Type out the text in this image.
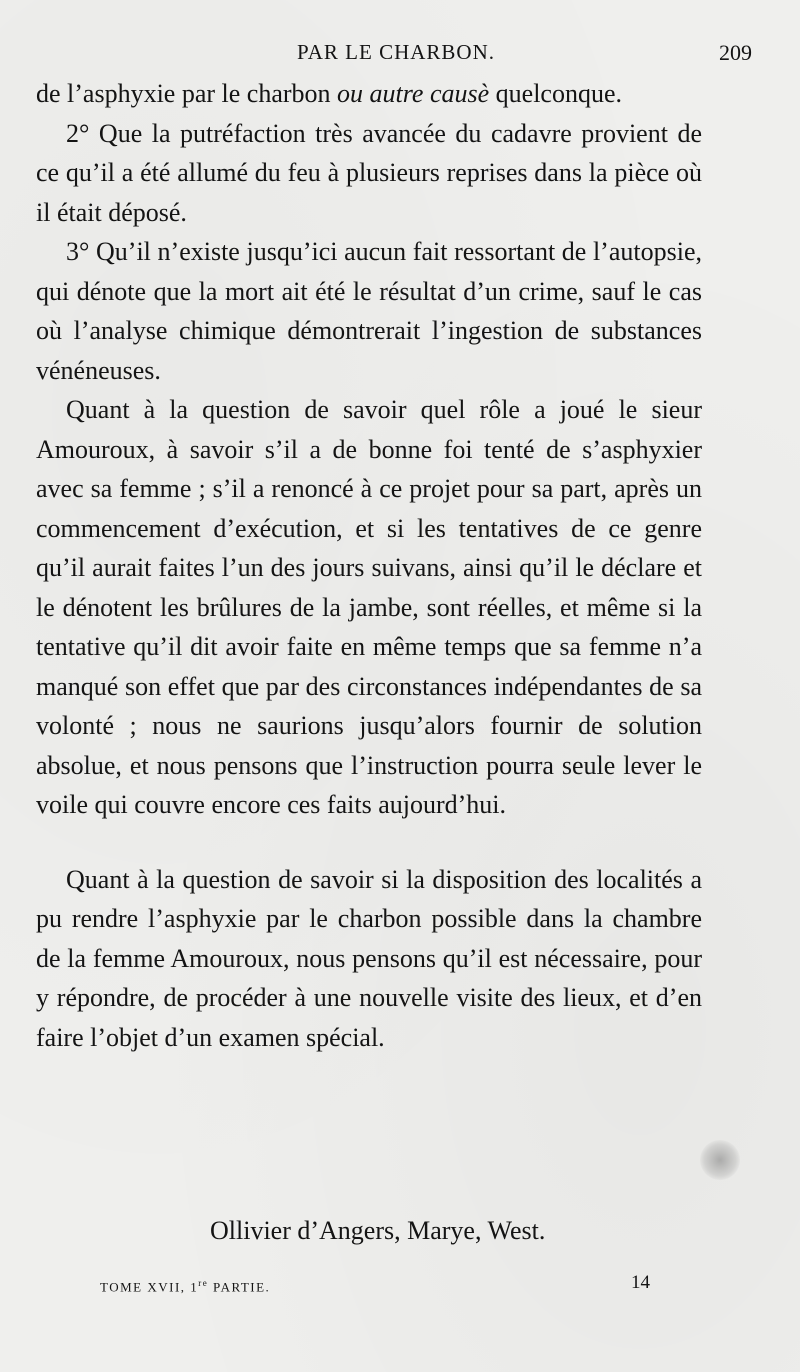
PAR LE CHARBON.	209

de l’asphyxie par le charbon ou autre causè quelconque.

2° Que la putréfaction très avancée du cadavre provient de ce qu’il a été allumé du feu à plusieurs reprises dans la pièce où il était déposé.

3° Qu’il n’existe jusqu’ici aucun fait ressortant de l’autopsie, qui dénote que la mort ait été le résultat d’un crime, sauf le cas où l’analyse chimique démontrerait l’ingestion de substances vénéneuses.

Quant à la question de savoir quel rôle a joué le sieur Amouroux, à savoir s’il a de bonne foi tenté de s’asphyxier avec sa femme ; s’il a renoncé à ce projet pour sa part, après un commencement d’exécution, et si les tentatives de ce genre qu’il aurait faites l’un des jours suivans, ainsi qu’il le déclare et le dénotent les brûlures de la jambe, sont réelles, et même si la tentative qu’il dit avoir faite en même temps que sa femme n’a manqué son effet que par des circonstances indépendantes de sa volonté ; nous ne saurions jusqu’alors fournir de solution absolue, et nous pensons que l’instruction pourra seule lever le voile qui couvre encore ces faits aujourd’hui.

Quant à la question de savoir si la disposition des localités a pu rendre l’asphyxie par le charbon possible dans la chambre de la femme Amouroux, nous pensons qu’il est nécessaire, pour y répondre, de procéder à une nouvelle visite des lieux, et d’en faire l’objet d’un examen spécial.

Ollivier d’Angers, Marye, West.
TOME XVII, 1re PARTIE.	14
